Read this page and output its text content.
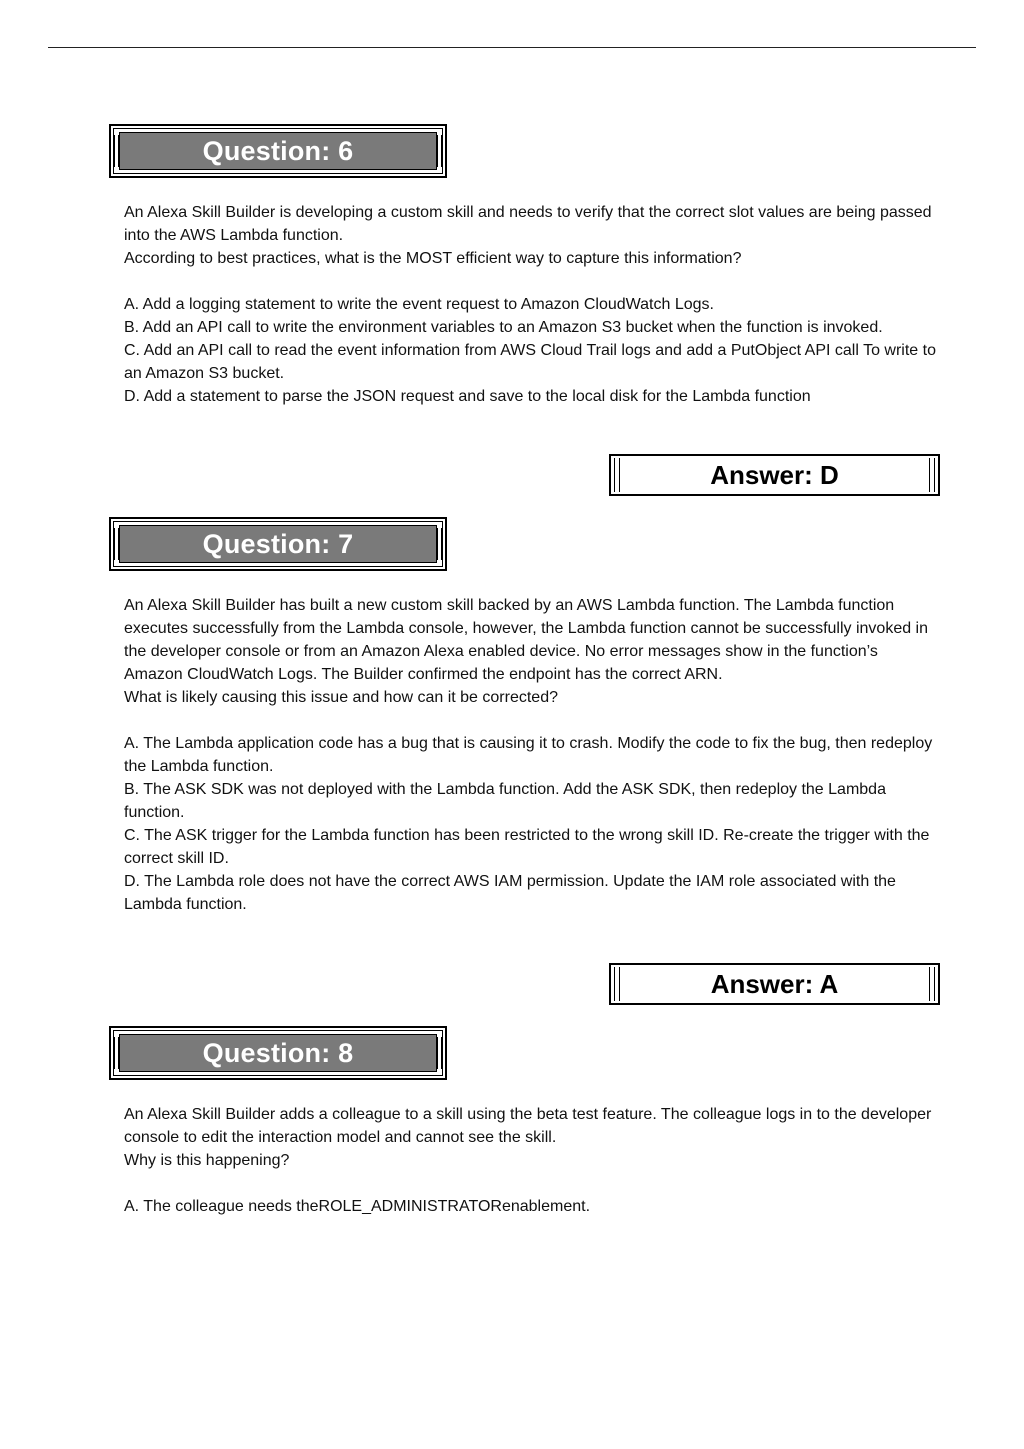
Question: 6

An Alexa Skill Builder is developing a custom skill and needs to verify that the correct slot values are being passed into the AWS Lambda function.

According to best practices, what is the MOST efficient way to capture this information?

A. Add a logging statement to write the event request to Amazon CloudWatch Logs.

B. Add an API call to write the environment variables to an Amazon S3 bucket when the function is invoked.

C. Add an API call to read the event information from AWS Cloud Trail logs and add a PutObject API call To write to an Amazon S3 bucket.

D. Add a statement to parse the JSON request and save to the local disk for the Lambda function

Answer: D
Question: 7

An Alexa Skill Builder has built a new custom skill backed by an AWS Lambda function. The Lambda function executes successfully from the Lambda console, however, the Lambda function cannot be successfully invoked in the developer console or from an Amazon Alexa enabled device. No error messages show in the function’s Amazon CloudWatch Logs. The Builder confirmed the endpoint has the correct ARN.

What is likely causing this issue and how can it be corrected?

A. The Lambda application code has a bug that is causing it to crash. Modify the code to fix the bug, then redeploy the Lambda function.

B. The ASK SDK was not deployed with the Lambda function. Add the ASK SDK, then redeploy the Lambda function.

C. The ASK trigger for the Lambda function has been restricted to the wrong skill ID. Re-create the trigger with the correct skill ID.

D. The Lambda role does not have the correct AWS IAM permission. Update the IAM role associated with the Lambda function.

Answer: A
Question: 8

An Alexa Skill Builder adds a colleague to a skill using the beta test feature. The colleague logs in to the developer console to edit the interaction model and cannot see the skill.

Why is this happening?

A. The colleague needs theROLE_ADMINISTRATORenablement.
